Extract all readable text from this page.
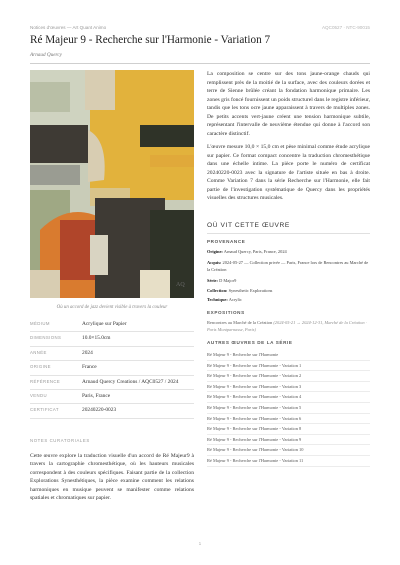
Notices d'œuvres — Art Quant Animo	AQC0527 · NTC-90015
Ré Majeur 9 - Recherche sur l'Harmonie - Variation 7
Arnaud Quercy
AQ
Où un accord de jazz devient visible à travers la couleur
MÉDIUM	Acrylique sur Papier
DIMENSIONS	10.0×15.0cm
ANNÉE	2024
ORIGINE	France
RÉFÉRENCE	Arnaud Quercy Creations / AQC0527 / 2024
VENDU	Paris, France
CERTIFICAT	20240220-0023
NOTES CURATORIALES
Cette œuvre explore la traduction visuelle d'un accord de Ré Majeur9 à travers la cartographie chromesthétique, où les hauteurs musicales correspondent à des couleurs spécifiques. Faisant partie de la collection Explorations Synesthétiques, la pièce examine comment les relations harmoniques en musique peuvent se manifester comme relations spatiales et chromatiques sur papier.

La composition se centre sur des tons jaune-orange chauds qui remplissent près de la moitié de la surface, avec des couleurs dorées et terre de Sienne brûlée créant la fondation harmonique primaire. Les zones gris foncé fournissent un poids structurel dans le registre inférieur, tandis que les tons ocre jaune apparaissent à travers de multiples zones. De petits accents vert-jaune créent une tension harmonique subtile, représentant l'intervalle de neuvième étendue qui donne à l'accord son caractère distinctif.

L'œuvre mesure 10,0 × 15,0 cm et pèse minimal comme étude acrylique sur papier. Ce format compact concentre la traduction chromesthétique dans une échelle intime. La pièce porte le numéro de certificat 20240220-0023 avec la signature de l'artiste située en bas à droite. Comme Variation 7 dans la série Recherche sur l'Harmonie, elle fait partie de l'investigation systématique de Quercy dans les propriétés visuelles des structures musicales.

OÙ VIT CETTE ŒUVRE
PROVENANCE
Origine: Arnaud Quercy, Paris, France, 2024
Acquis: 2024-05-27 — Collection privée — Paris, France lors de Rencontres au Marché de la Création
Série: D Major9
Collection: Synesthetic Explorations
Technique: Acrylic
EXPOSITIONS
Rencontres au Marché de la Création (2024-05-21 → 2024-12-31, Marché de la Création · Paris Montparnasse, Paris)
AUTRES ŒUVRES DE LA SÉRIE
Ré Majeur 9 - Recherche sur l'Harmonie
Ré Majeur 9 - Recherche sur l'Harmonie - Variation 1
Ré Majeur 9 - Recherche sur l'Harmonie - Variation 2
Ré Majeur 9 - Recherche sur l'Harmonie - Variation 3
Ré Majeur 9 - Recherche sur l'Harmonie - Variation 4
Ré Majeur 9 - Recherche sur l'Harmonie - Variation 5
Ré Majeur 9 - Recherche sur l'Harmonie - Variation 6
Ré Majeur 9 - Recherche sur l'Harmonie - Variation 8
Ré Majeur 9 - Recherche sur l'Harmonie - Variation 9
Ré Majeur 9 - Recherche sur l'Harmonie - Variation 10
Ré Majeur 9 - Recherche sur l'Harmonie - Variation 11
1
